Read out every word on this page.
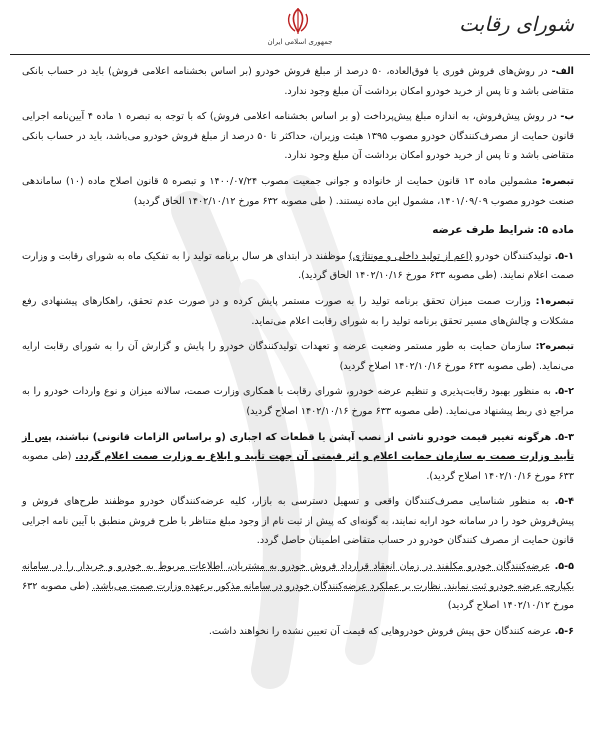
جمهوری اسلامی ایران
شورای رقابت

الف- در روش‌های فروش فوری یا فوق‌العاده، ۵۰ درصد از مبلغ فروش خودرو (بر اساس بخشنامه اعلامی فروش) باید در حساب بانکی متقاضی باشد و تا پس از خرید خودرو امکان برداشت آن مبلغ وجود ندارد.

ب- در روش پیش‌فروش، به اندازه مبلغ پیش‌پرداخت (و بر اساس بخشنامه اعلامی فروش) که با توجه به تبصره ۱ ماده ۴ آیین‌نامه اجرایی قانون حمایت از مصرف‌کنندگان خودرو مصوب ۱۳۹۵ هیئت وزیران، حداکثر تا ۵۰ درصد از مبلغ فروش خودرو می‌باشد، باید در حساب بانکی متقاضی باشد و تا پس از خرید خودرو امکان برداشت آن مبلغ وجود ندارد.

تبصره: مشمولین ماده ۱۳ قانون حمایت از خانواده و جوانی جمعیت مصوب ۱۴۰۰/۰۷/۲۴ و تبصره ۵ قانون اصلاح ماده (۱۰) ساماندهی صنعت خودرو مصوب ۱۴۰۱/۰۹/۰۹، مشمول این ماده نیستند. ( طی مصوبه ۶۳۲ مورخ ۱۴۰۲/۱۰/۱۲ الحاق گردید)

ماده ۵: شرایط طرف عرضه

۵-۱. تولیدکنندگان خودرو (اعم از تولید داخلی و مونتاژی) موظفند در ابتدای هر سال برنامه تولید را به تفکیک ماه به شورای رقابت و وزارت صمت اعلام نمایند. (طی مصوبه ۶۳۳ مورخ ۱۴۰۲/۱۰/۱۶ الحاق گردید).

تبصره۱: وزارت صمت میزان تحقق برنامه تولید را به صورت مستمر پایش کرده و در صورت عدم تحقق، راهکارهای پیشنهادی رفع مشکلات و چالش‌های مسیر تحقق برنامه تولید را به شورای رقابت اعلام می‌نماید.

تبصره۲: سازمان حمایت به طور مستمر وضعیت عرضه و تعهدات تولیدکنندگان خودرو را پایش و گزارش آن را به شورای رقابت ارایه می‌نماید. (طی مصوبه ۶۳۳ مورخ ۱۴۰۲/۱۰/۱۶ اصلاح گردید)

۵-۲. به منظور بهبود رقابت‌پذیری و تنظیم عرضه خودرو، شورای رقابت با همکاری وزارت صمت، سالانه میزان و نوع واردات خودرو را به مراجع ذی ربط پیشنهاد می‌نماید. (طی مصوبه ۶۳۳ مورخ ۱۴۰۲/۱۰/۱۶ اصلاح گردید)

۵-۳. هرگونه تغییر قیمت خودرو ناشی از نصب آپشن یا قطعات که اجباری (و براساس الزامات قانونی) نباشند، پس از تأیید وزارت صمت به سازمان حمایت اعلام و اثر قیمتی آن جهت تأیید و ابلاغ به وزارت صمت اعلام گردد. (طی مصوبه ۶۳۳ مورخ ۱۴۰۲/۱۰/۱۶ اصلاح گردید).

۵-۴. به منظور شناسایی مصرف‌کنندگان واقعی و تسهیل دسترسی به بازار، کلیه عرضه‌کنندگان خودرو موظفند طرح‌های فروش و پیش‌فروش خود را در سامانه خود ارایه نمایند، به گونه‌ای که پیش از ثبت نام از وجود مبلغ متناظر با طرح فروش منطبق با آیین نامه اجرایی قانون حمایت از مصرف کنندگان خودرو در حساب متقاضی اطمینان حاصل گردد.

۵-۵. عرضه‌کنندگان خودرو مکلفند در زمان انعقاد قرارداد فروش خودرو به مشتریان، اطلاعات مربوط به خودرو و خریدار را در سامانه یکپارچه عرضه خودرو ثبت نمایند. نظارت بر عملکرد عرضه‌کنندگان خودرو در سامانه مذکور برعهده وزارت صمت می‌باشد. (طی مصوبه ۶۳۲ مورخ ۱۴۰۲/۱۰/۱۲ اصلاح گردید)

۵-۶. عرضه کنندگان حق پیش فروش خودروهایی که قیمت آن تعیین نشده را نخواهند داشت.
